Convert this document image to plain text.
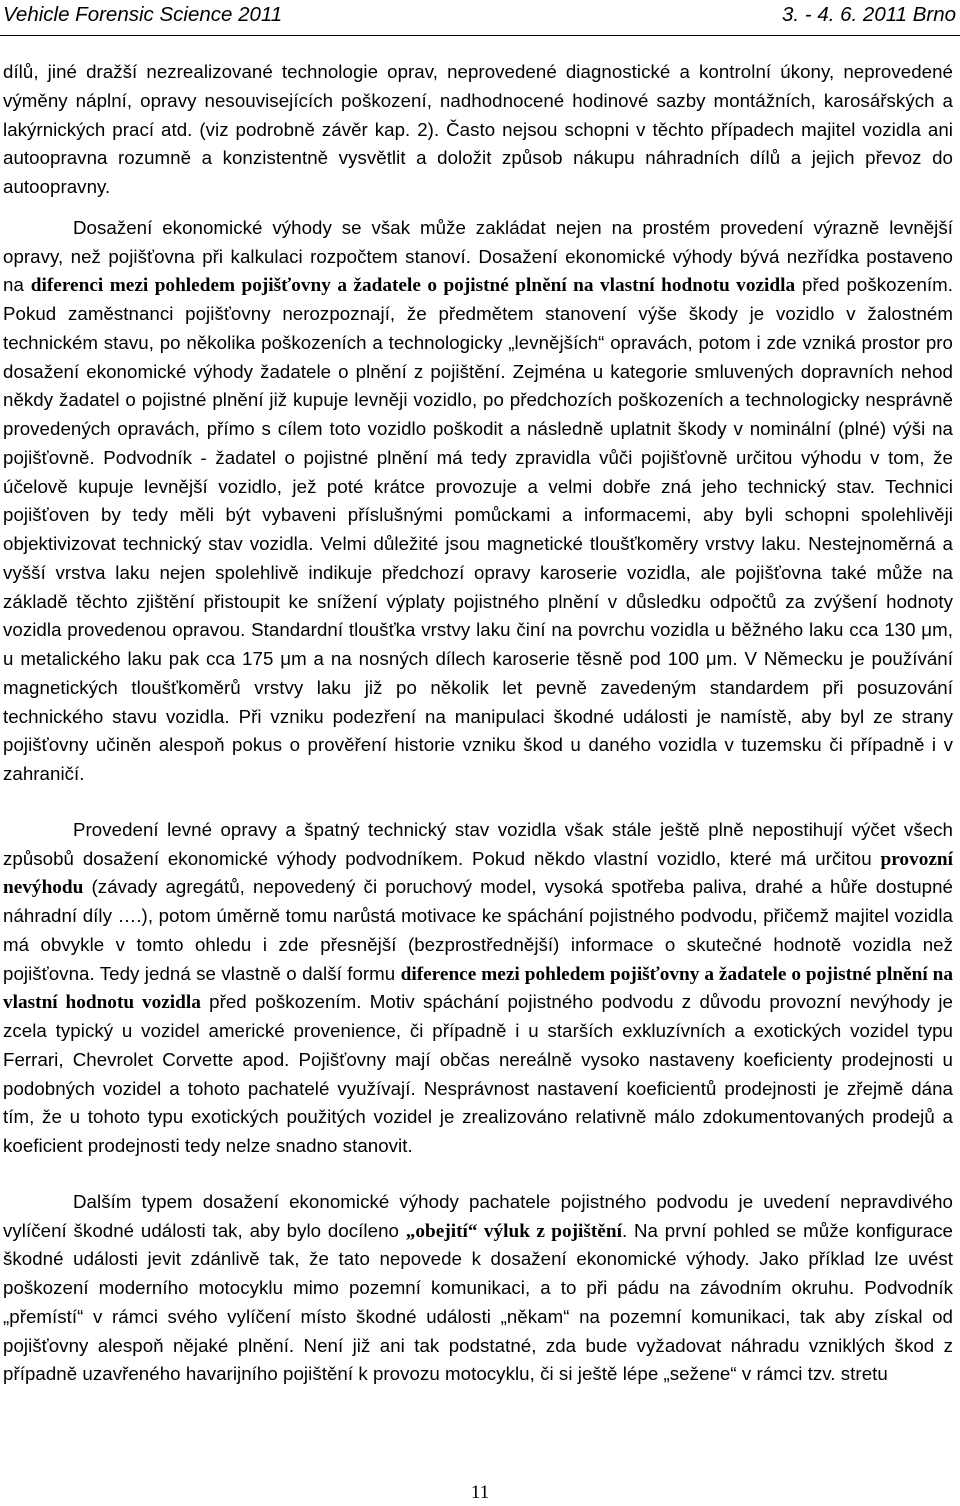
Vehicle Forensic Science 2011	3. - 4. 6. 2011 Brno

dílů, jiné dražší nezrealizované technologie oprav, neprovedené diagnostické a kontrolní úkony, neprovedené výměny náplní, opravy nesouvisejících poškození, nadhodnocené hodinové sazby montážních, karosářských a lakýrnických prací atd. (viz podrobně závěr kap. 2). Často nejsou schopni v těchto případech majitel vozidla ani autoopravna rozumně a konzistentně vysvětlit a doložit způsob nákupu náhradních dílů a jejich převoz do autoopravny.

Dosažení ekonomické výhody se však může zakládat nejen na prostém provedení výrazně levnější opravy, než pojišťovna při kalkulaci rozpočtem stanoví. Dosažení ekonomické výhody bývá nezřídka postaveno na diferenci mezi pohledem pojišťovny a žadatele o pojistné plnění na vlastní hodnotu vozidla před poškozením. Pokud zaměstnanci pojišťovny nerozpoznají, že předmětem stanovení výše škody je vozidlo v žalostném technickém stavu, po několika poškozeních a technologicky „levnějších“ opravách, potom i zde vzniká prostor pro dosažení ekonomické výhody žadatele o plnění z pojištění. Zejména u kategorie smluvených dopravních nehod někdy žadatel o pojistné plnění již kupuje levněji vozidlo, po předchozích poškozeních a technologicky nesprávně provedených opravách, přímo s cílem toto vozidlo poškodit a následně uplatnit škody v nominální (plné) výši na pojišťovně. Podvodník - žadatel o pojistné plnění má tedy zpravidla vůči pojišťovně určitou výhodu v tom, že účelově kupuje levnější vozidlo, jež poté krátce provozuje a velmi dobře zná jeho technický stav. Technici pojišťoven by tedy měli být vybaveni příslušnými pomůckami a informacemi, aby byli schopni spolehlivěji objektivizovat technický stav vozidla. Velmi důležité jsou magnetické tloušťkoměry vrstvy laku. Nestejnoměrná a vyšší vrstva laku nejen spolehlivě indikuje předchozí opravy karoserie vozidla, ale pojišťovna také může na základě těchto zjištění přistoupit ke snížení výplaty pojistného plnění v důsledku odpočtů za zvýšení hodnoty vozidla provedenou opravou. Standardní tloušťka vrstvy laku činí na povrchu vozidla u běžného laku cca 130 μm, u metalického laku pak cca 175 μm a na nosných dílech karoserie těsně pod 100 μm. V Německu je používání magnetických tloušťkoměrů vrstvy laku již po několik let pevně zavedeným standardem při posuzování technického stavu vozidla. Při vzniku podezření na manipulaci škodné události je namístě, aby byl ze strany pojišťovny učiněn alespoň pokus o prověření historie vzniku škod u daného vozidla v tuzemsku či případně i v zahraničí.

Provedení levné opravy a špatný technický stav vozidla však stále ještě plně nepostihují výčet všech způsobů dosažení ekonomické výhody podvodníkem. Pokud někdo vlastní vozidlo, které má určitou provozní nevýhodu (závady agregátů, nepovedený či poruchový model, vysoká spotřeba paliva, drahé a hůře dostupné náhradní díly ….), potom úměrně tomu narůstá motivace ke spáchání pojistného podvodu, přičemž majitel vozidla má obvykle v tomto ohledu i zde přesnější (bezprostřednější) informace o skutečné hodnotě vozidla než pojišťovna. Tedy jedná se vlastně o další formu diference mezi pohledem pojišťovny a žadatele o pojistné plnění na vlastní hodnotu vozidla před poškozením. Motiv spáchání pojistného podvodu z důvodu provozní nevýhody je zcela typický u vozidel americké provenience, či případně i u starších exkluzívních a exotických vozidel typu Ferrari, Chevrolet Corvette apod. Pojišťovny mají občas nereálně vysoko nastaveny koeficienty prodejnosti u podobných vozidel a tohoto pachatelé využívají. Nesprávnost nastavení koeficientů prodejnosti je zřejmě dána tím, že u tohoto typu exotických použitých vozidel je zrealizováno relativně málo zdokumentovaných prodejů a koeficient prodejnosti tedy nelze snadno stanovit.

Dalším typem dosažení ekonomické výhody pachatele pojistného podvodu je uvedení nepravdivého vylíčení škodné události tak, aby bylo docíleno „obejití“ výluk z pojištění. Na první pohled se může konfigurace škodné události jevit zdánlivě tak, že tato nepovede k dosažení ekonomické výhody. Jako příklad lze uvést poškození moderního motocyklu mimo pozemní komunikaci, a to při pádu na závodním okruhu. Podvodník „přemístí“ v rámci svého vylíčení místo škodné události „někam“ na pozemní komunikaci, tak aby získal od pojišťovny alespoň nějaké plnění. Není již ani tak podstatné, zda bude vyžadovat náhradu vzniklých škod z případně uzavřeného havarijního pojištění k provozu motocyklu, či si ještě lépe „sežene“ v rámci tzv. stretu

11
